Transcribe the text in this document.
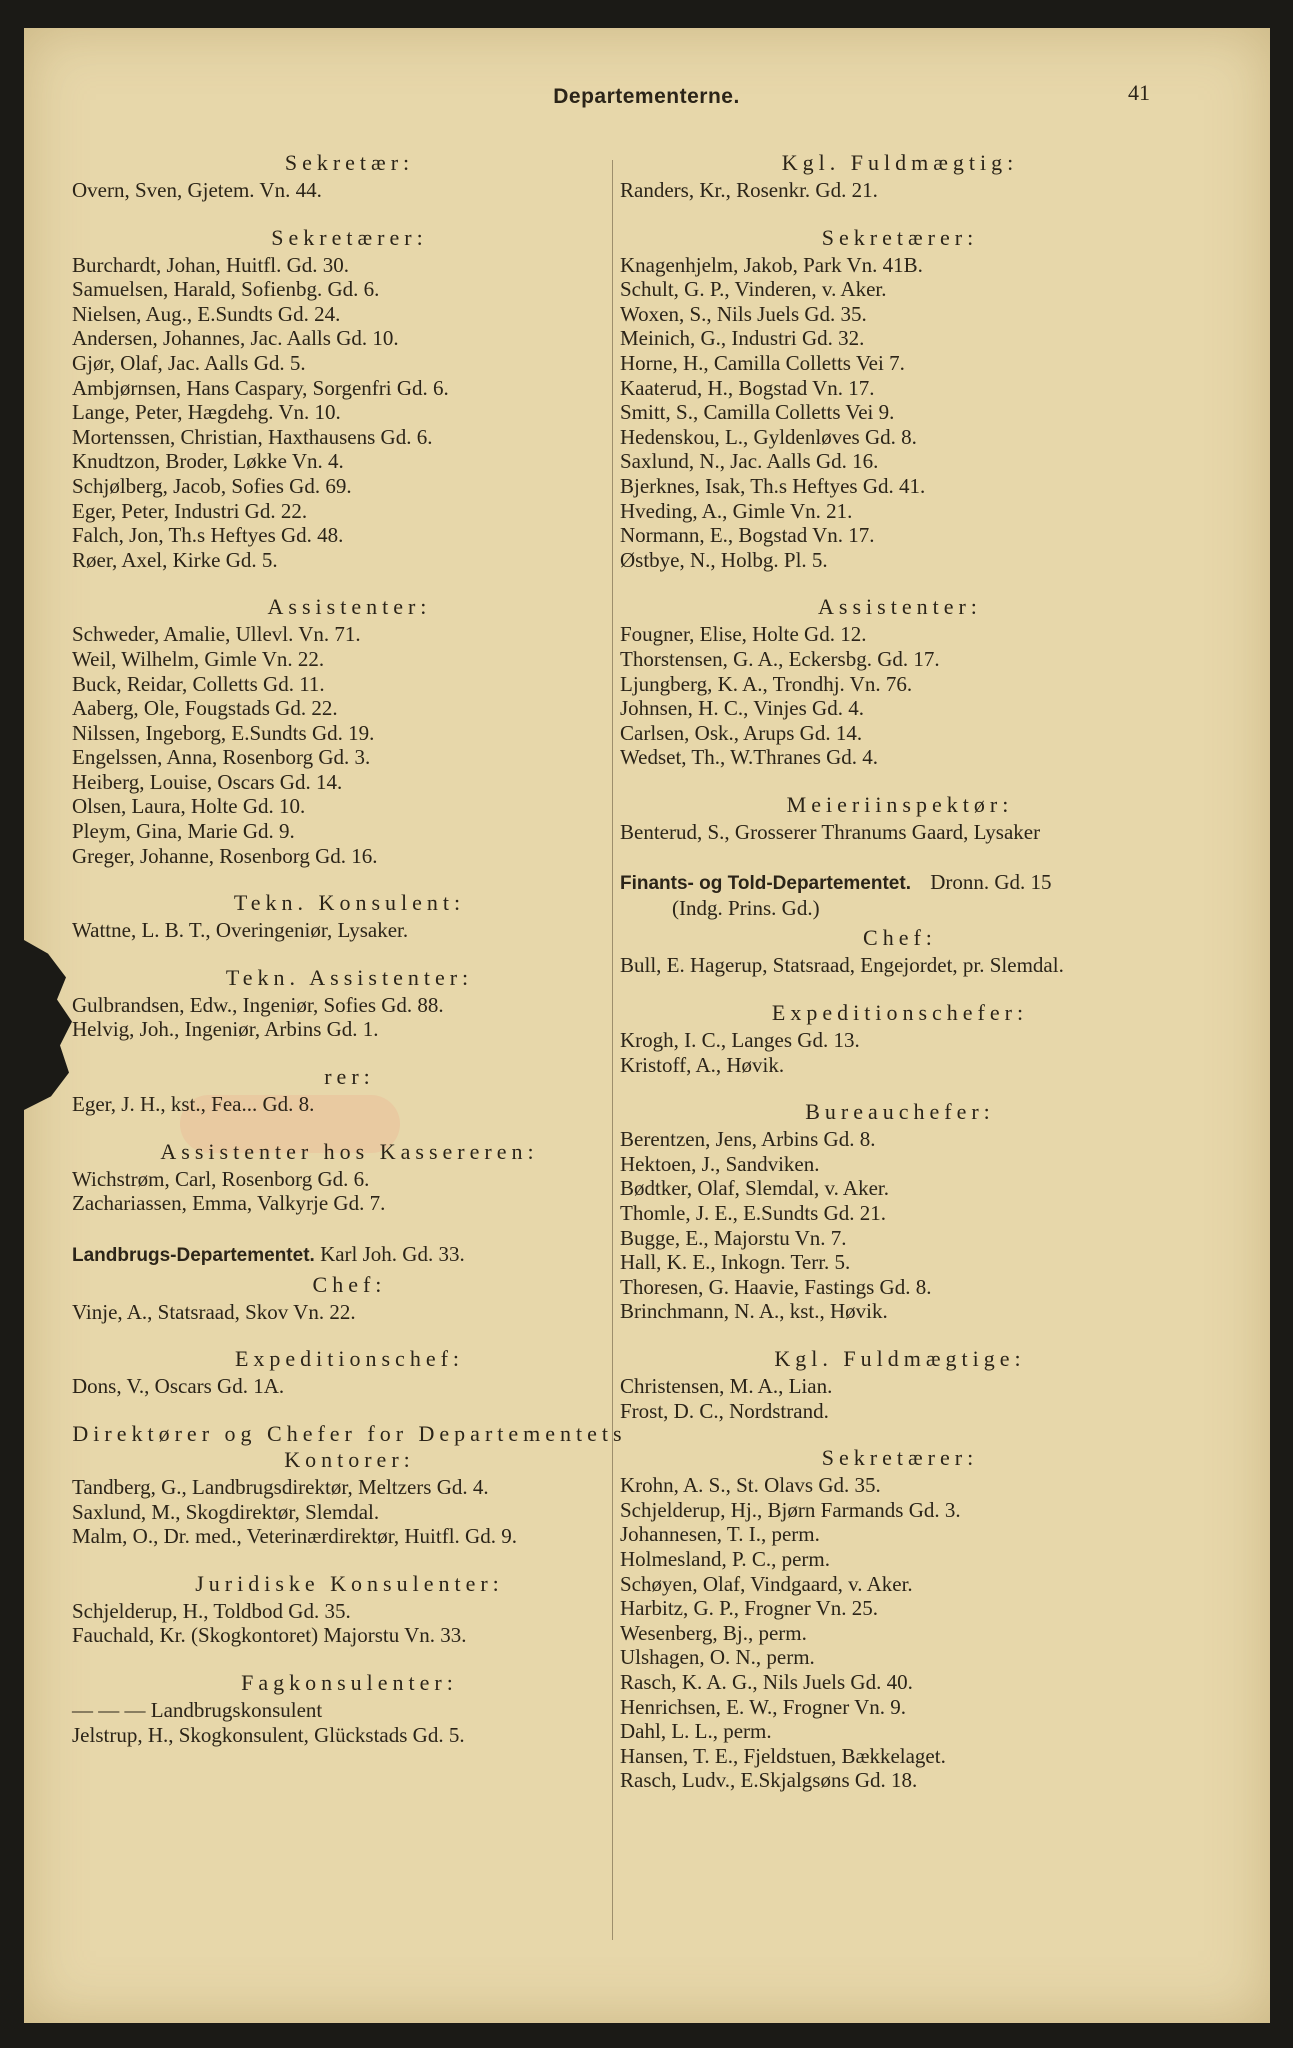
Departementerne.	41
Sekretær:
Overn, Sven, Gjetem. Vn. 44.
Sekretærer:
Burchardt, Johan, Huitfl. Gd. 30.
Samuelsen, Harald, Sofienbg. Gd. 6.
Nielsen, Aug., E.Sundts Gd. 24.
Andersen, Johannes, Jac. Aalls Gd. 10.
Gjør, Olaf, Jac. Aalls Gd. 5.
Ambjørnsen, Hans Caspary, Sorgenfri Gd. 6.
Lange, Peter, Hægdehg. Vn. 10.
Mortenssen, Christian, Haxthausens Gd. 6.
Knudtzon, Broder, Løkke Vn. 4.
Schjølberg, Jacob, Sofies Gd. 69.
Eger, Peter, Industri Gd. 22.
Falch, Jon, Th.s Heftyes Gd. 48.
Røer, Axel, Kirke Gd. 5.
Assistenter:
Schweder, Amalie, Ullevl. Vn. 71.
Weil, Wilhelm, Gimle Vn. 22.
Buck, Reidar, Colletts Gd. 11.
Aaberg, Ole, Fougstads Gd. 22.
Nilssen, Ingeborg, E.Sundts Gd. 19.
Engelssen, Anna, Rosenborg Gd. 3.
Heiberg, Louise, Oscars Gd. 14.
Olsen, Laura, Holte Gd. 10.
Pleym, Gina, Marie Gd. 9.
Greger, Johanne, Rosenborg Gd. 16.
Tekn. Konsulent:
Wattne, L. B. T., Overingeniør, Lysaker.
Tekn. Assistenter:
Gulbrandsen, Edw., Ingeniør, Sofies Gd. 88.
Helvig, Joh., Ingeniør, Arbins Gd. 1.
rer:
Eger, J. H., kst., Fea... Gd. 8.
Assistenter hos Kassereren:
Wichstrøm, Carl, Rosenborg Gd. 6.
Zachariassen, Emma, Valkyrje Gd. 7.
Landbrugs-Departementet. Karl Joh. Gd. 33.
Chef:
Vinje, A., Statsraad, Skov Vn. 22.
Expeditionschef:
Dons, V., Oscars Gd. 1A.
Direktører og Chefer for Departementets Kontorer:
Tandberg, G., Landbrugsdirektør, Meltzers Gd. 4.
Saxlund, M., Skogdirektør, Slemdal.
Malm, O., Dr. med., Veterinærdirektør, Huitfl. Gd. 9.
Juridiske Konsulenter:
Schjelderup, H., Toldbod Gd. 35.
Fauchald, Kr. (Skogkontoret) Majorstu Vn. 33.
Fagkonsulenter:
— — — Landbrugskonsulent
Jelstrup, H., Skogkonsulent, Glückstads Gd. 5.
Kgl. Fuldmægtig:
Randers, Kr., Rosenkr. Gd. 21.
Sekretærer:
Knagenhjelm, Jakob, Park Vn. 41B.
Schult, G. P., Vinderen, v. Aker.
Woxen, S., Nils Juels Gd. 35.
Meinich, G., Industri Gd. 32.
Horne, H., Camilla Colletts Vei 7.
Kaaterud, H., Bogstad Vn. 17.
Smitt, S., Camilla Colletts Vei 9.
Hedenskou, L., Gyldenløves Gd. 8.
Saxlund, N., Jac. Aalls Gd. 16.
Bjerknes, Isak, Th.s Heftyes Gd. 41.
Hveding, A., Gimle Vn. 21.
Normann, E., Bogstad Vn. 17.
Østbye, N., Holbg. Pl. 5.
Assistenter:
Fougner, Elise, Holte Gd. 12.
Thorstensen, G. A., Eckersbg. Gd. 17.
Ljungberg, K. A., Trondhj. Vn. 76.
Johnsen, H. C., Vinjes Gd. 4.
Carlsen, Osk., Arups Gd. 14.
Wedset, Th., W.Thranes Gd. 4.
Meieriinspektør:
Benterud, S., Grosserer Thranums Gaard, Lysaker
Finants- og Told-Departementet. Dronn. Gd. 15
(Indg. Prins. Gd.)
Chef:
Bull, E. Hagerup, Statsraad, Engejordet, pr. Slemdal.
Expeditionschefer:
Krogh, I. C., Langes Gd. 13.
Kristoff, A., Høvik.
Bureauchefer:
Berentzen, Jens, Arbins Gd. 8.
Hektoen, J., Sandviken.
Bødtker, Olaf, Slemdal, v. Aker.
Thomle, J. E., E.Sundts Gd. 21.
Bugge, E., Majorstu Vn. 7.
Hall, K. E., Inkogn. Terr. 5.
Thoresen, G. Haavie, Fastings Gd. 8.
Brinchmann, N. A., kst., Høvik.
Kgl. Fuldmægtige:
Christensen, M. A., Lian.
Frost, D. C., Nordstrand.
Sekretærer:
Krohn, A. S., St. Olavs Gd. 35.
Schjelderup, Hj., Bjørn Farmands Gd. 3.
Johannesen, T. I., perm.
Holmesland, P. C., perm.
Schøyen, Olaf, Vindgaard, v. Aker.
Harbitz, G. P., Frogner Vn. 25.
Wesenberg, Bj., perm.
Ulshagen, O. N., perm.
Rasch, K. A. G., Nils Juels Gd. 40.
Henrichsen, E. W., Frogner Vn. 9.
Dahl, L. L., perm.
Hansen, T. E., Fjeldstuen, Bækkelaget.
Rasch, Ludv., E.Skjalgsøns Gd. 18.
